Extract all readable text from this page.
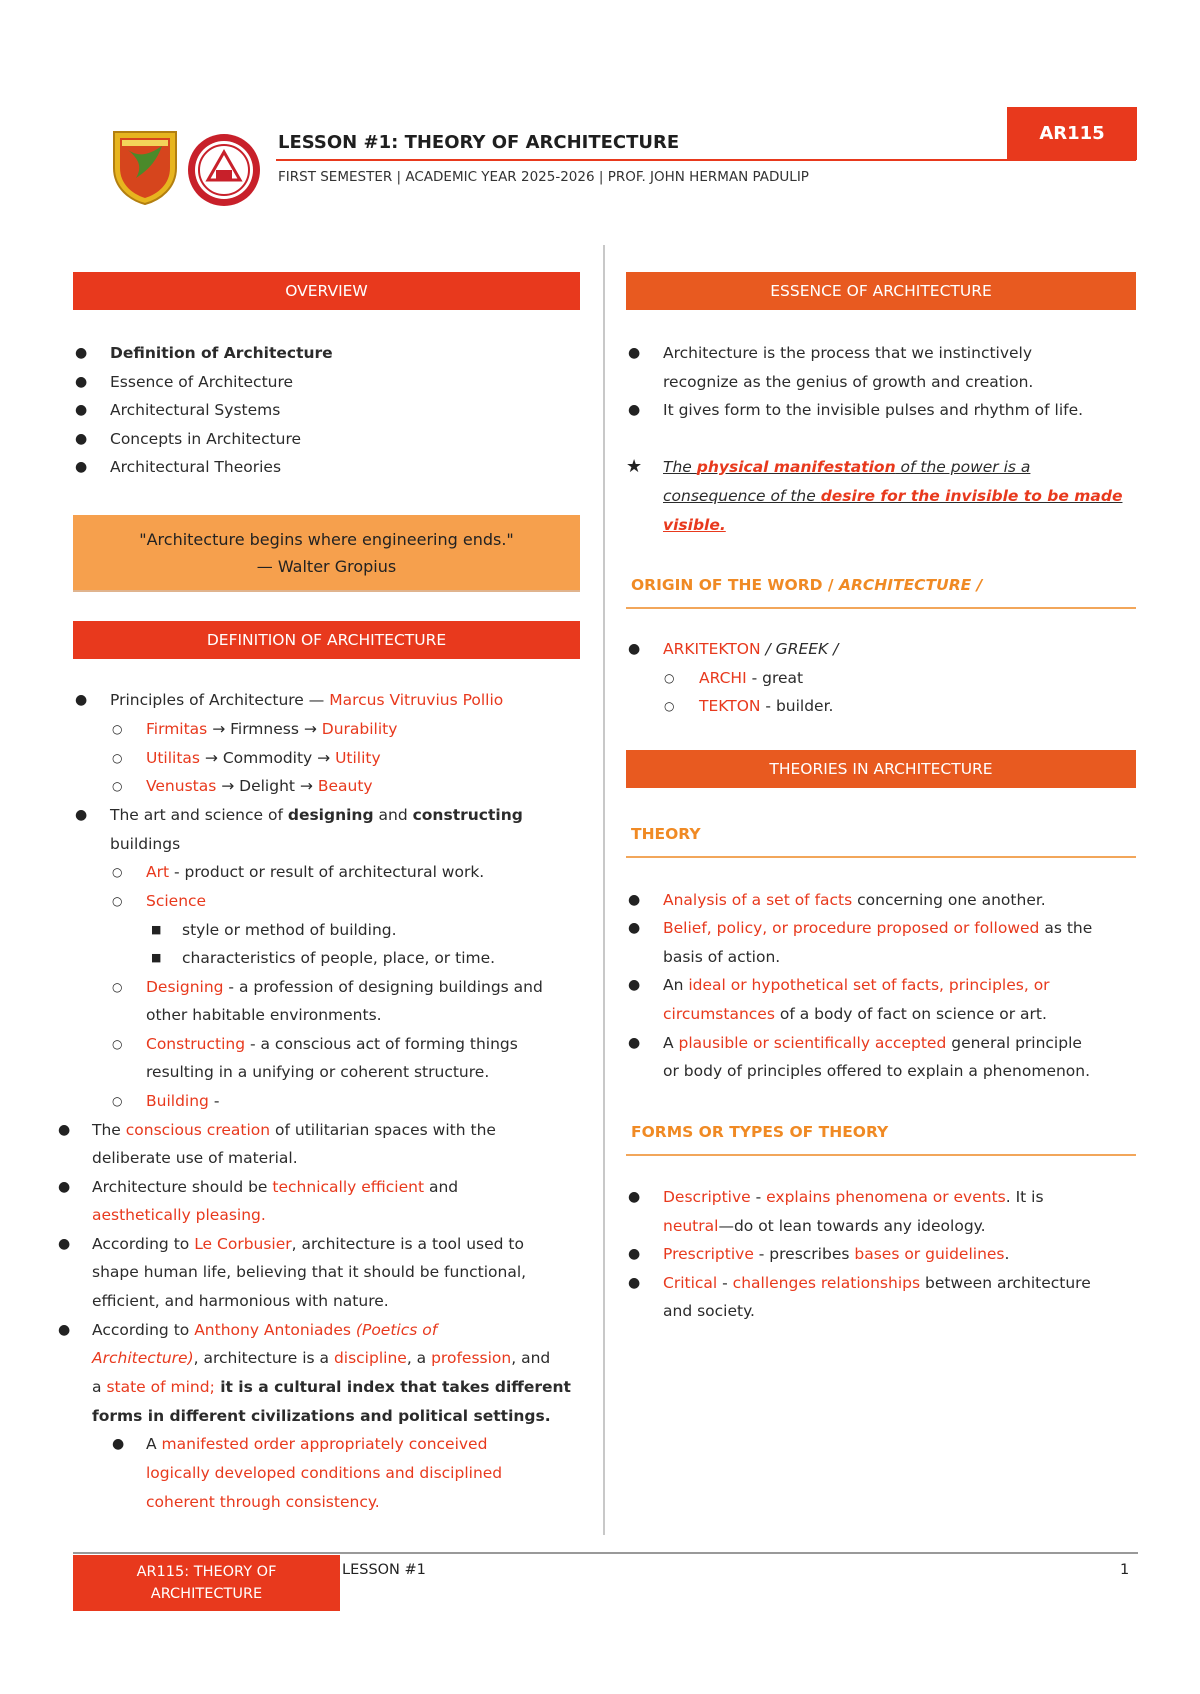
LESSON #1: THEORY OF ARCHITECTURE
FIRST SEMESTER | ACADEMIC YEAR 2025-2026 | PROF. JOHN HERMAN PADULIP
AR115
OVERVIEW
● Definition of Architecture
● Essence of Architecture
● Architectural Systems
● Concepts in Architecture
● Architectural Theories
"Architecture begins where engineering ends."
— Walter Gropius
DEFINITION OF ARCHITECTURE
● Principles of Architecture — Marcus Vitruvius Pollio
○ Firmitas → Firmness → Durability
○ Utilitas → Commodity → Utility
○ Venustas → Delight → Beauty
● The art and science of designing and constructing
buildings
○ Art - product or result of architectural work.
○ Science
■ style or method of building.
■ characteristics of people, place, or time.
○ Designing - a profession of designing buildings and
other habitable environments.
○ Constructing - a conscious act of forming things
resulting in a unifying or coherent structure.
○ Building -
● The conscious creation of utilitarian spaces with the
deliberate use of material.
● Architecture should be technically efficient and
aesthetically pleasing.
● According to Le Corbusier, architecture is a tool used to
shape human life, believing that it should be functional,
efficient, and harmonious with nature.
● According to Anthony Antoniades (Poetics of
Architecture), architecture is a discipline, a profession, and
a state of mind; it is a cultural index that takes different
forms in different civilizations and political settings.
● A manifested order appropriately conceived
logically developed conditions and disciplined
coherent through consistency.
ESSENCE OF ARCHITECTURE
● Architecture is the process that we instinctively
recognize as the genius of growth and creation.
● It gives form to the invisible pulses and rhythm of life.
★ The physical manifestation of the power is a
consequence of the desire for the invisible to be made
visible.
ORIGIN OF THE WORD / ARCHITECTURE /
● ARKITEKTON / GREEK /
○ ARCHI - great
○ TEKTON - builder.
THEORIES IN ARCHITECTURE
THEORY
● Analysis of a set of facts concerning one another.
● Belief, policy, or procedure proposed or followed as the
basis of action.
● An ideal or hypothetical set of facts, principles, or
circumstances of a body of fact on science or art.
● A plausible or scientifically accepted general principle
or body of principles offered to explain a phenomenon.
FORMS OR TYPES OF THEORY
● Descriptive - explains phenomena or events. It is
neutral—do ot lean towards any ideology.
● Prescriptive - prescribes bases or guidelines.
● Critical - challenges relationships between architecture
and society.
AR115: THEORY OF ARCHITECTURE
LESSON #1	1
